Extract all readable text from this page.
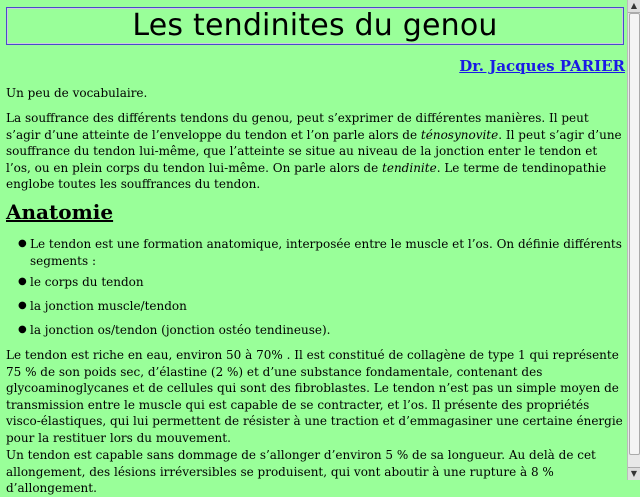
Les tendinites du genou
Dr. Jacques PARIER

Un peu de vocabulaire.

La souffrance des différents tendons du genou, peut s’exprimer de différentes manières. Il peut s’agir d’une atteinte de l’enveloppe du tendon et l’on parle alors de ténosynovite. Il peut s’agir d’une souffrance du tendon lui-même, que l’atteinte se situe au niveau de la jonction enter le tendon et l’os, ou en plein corps du tendon lui-même. On parle alors de tendinite. Le terme de tendinopathie englobe toutes les souffrances du tendon.

Anatomie
● Le tendon est une formation anatomique, interposée entre le muscle et l’os. On définie différents segments :
● le corps du tendon
● la jonction muscle/tendon
● la jonction os/tendon (jonction ostéo tendineuse).

Le tendon est riche en eau, environ 50 à 70% . Il est constitué de collagène de type 1 qui représente 75 % de son poids sec, d’élastine (2 %) et d’une substance fondamentale, contenant des glycoaminoglycanes et de cellules qui sont des fibroblastes. Le tendon n’est pas un simple moyen de transmission entre le muscle qui est capable de se contracter, et l’os. Il présente des propriétés visco-élastiques, qui lui permettent de résister à une traction et d’emmagasiner une certaine énergie pour la restituer lors du mouvement.

Un tendon est capable sans dommage de s’allonger d’environ 5 % de sa longueur. Au delà de cet allongement, des lésions irréversibles se produisent, qui vont aboutir à une rupture à 8 % d’allongement.

▲
▼
